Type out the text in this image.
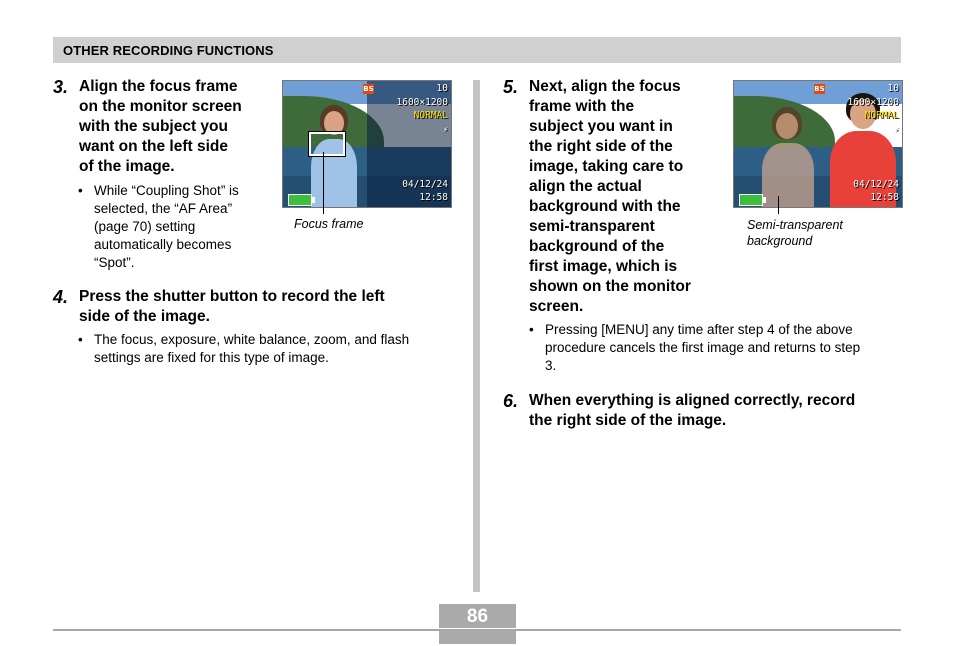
OTHER RECORDING FUNCTIONS
3. Align the focus frame
on the monitor screen
with the subject you
want on the left side
of the image.
• While “Coupling Shot” is
selected, the “AF Area”
(page 70) setting
automatically becomes
“Spot”.
BS	10
1600×1200
NORMAL
⚡
04/12/24
12:58
Focus frame
4. Press the shutter button to record the left
side of the image.
• The focus, exposure, white balance, zoom, and flash
settings are fixed for this type of image.
5. Next, align the focus
frame with the
subject you want in
the right side of the
image, taking care to
align the actual
background with the
semi-transparent
background of the
first image, which is
shown on the monitor
screen.
• Pressing [MENU] any time after step 4 of the above
procedure cancels the first image and returns to step
3.
BS	10
1600×1200
NORMAL
⚡
04/12/24
12:58
Semi-transparent
background
6. When everything is aligned correctly, record
the right side of the image.
86
